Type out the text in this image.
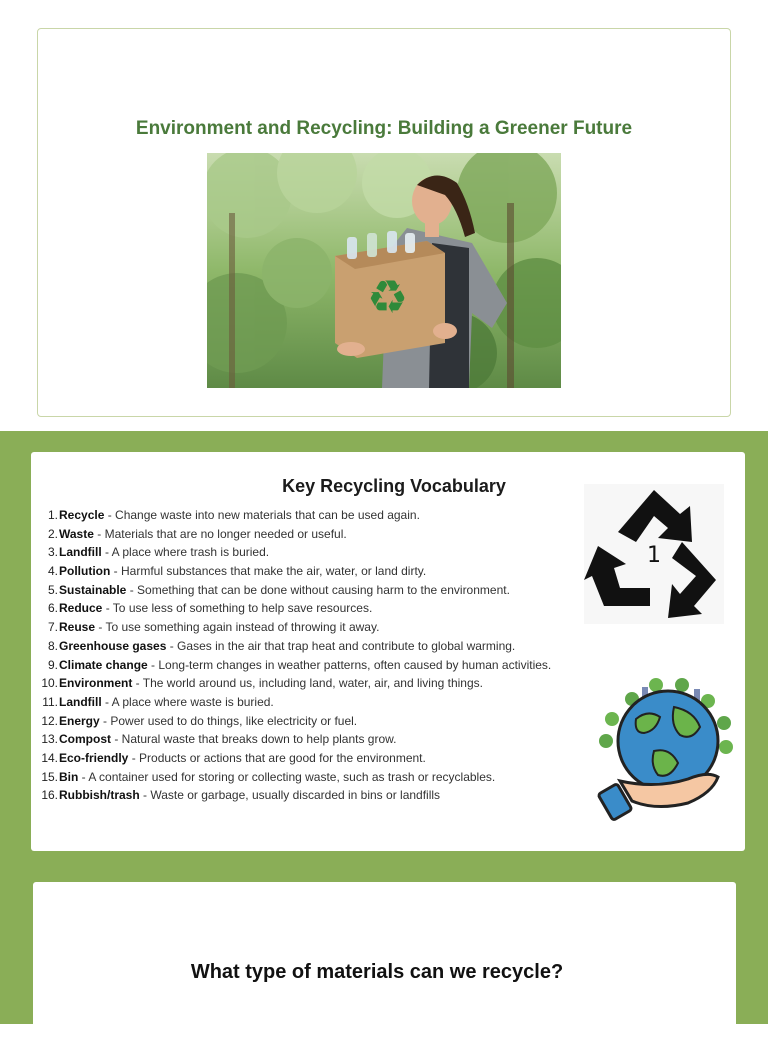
Environment and Recycling: Building a Greener Future
♻
Key Recycling Vocabulary
1. Recycle - Change waste into new materials that can be used again.
2. Waste - Materials that are no longer needed or useful.
3. Landfill - A place where trash is buried.
4. Pollution - Harmful substances that make the air, water, or land dirty.
5. Sustainable - Something that can be done without causing harm to the environment.
6. Reduce - To use less of something to help save resources.
7. Reuse - To use something again instead of throwing it away.
8. Greenhouse gases - Gases in the air that trap heat and contribute to global warming.
9. Climate change - Long-term changes in weather patterns, often caused by human activities.
10. Environment - The world around us, including land, water, air, and living things.
11. Landfill - A place where waste is buried.
12. Energy - Power used to do things, like electricity or fuel.
13. Compost - Natural waste that breaks down to help plants grow.
14. Eco-friendly - Products or actions that are good for the environment.
15. Bin - A container used for storing or collecting waste, such as trash or recyclables.
16. Rubbish/trash - Waste or garbage, usually discarded in bins or landfills
1
What type of materials can we recycle?
